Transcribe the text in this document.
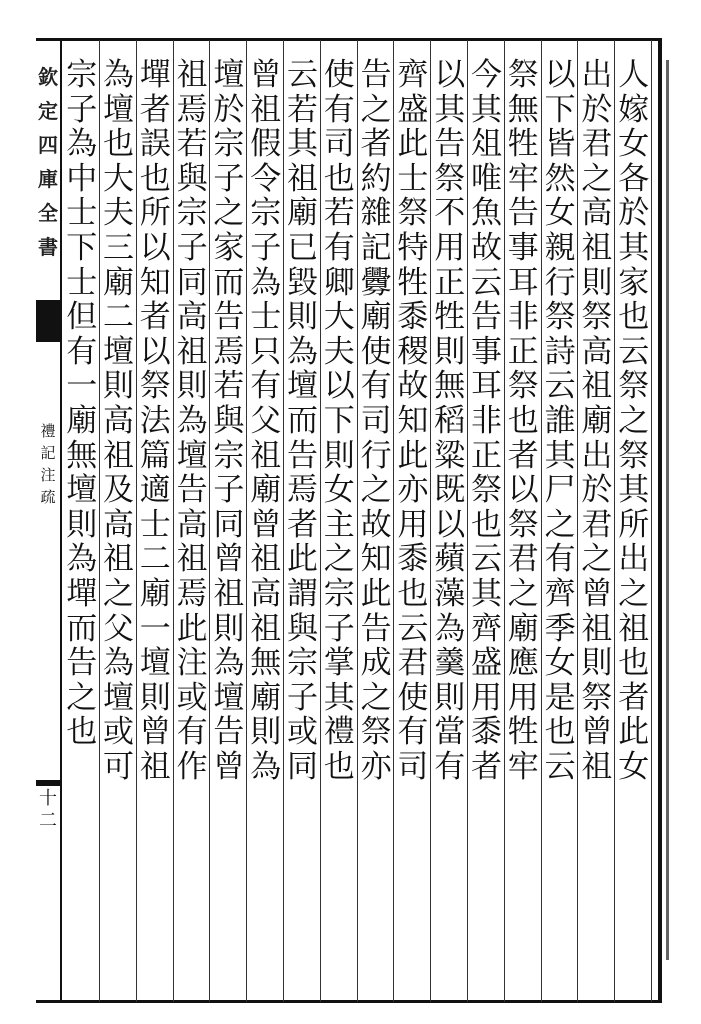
欽定四庫全書
禮記注疏
十二
人
嫁
女
各
於
其
家
也
云
祭
之
祭
其
所
出
之
祖
也
者
此
女
出
於
君
之
高
祖
則
祭
高
祖
廟
出
於
君
之
曾
祖
則
祭
曾
祖
以
下
皆
然
女
親
行
祭
詩
云
誰
其
尸
之
有
齊
季
女
是
也
云
祭
無
牲
牢
告
事
耳
非
正
祭
也
者
以
祭
君
之
廟
應
用
牲
牢
今
其
俎
唯
魚
故
云
告
事
耳
非
正
祭
也
云
其
齊
盛
用
黍
者
以
其
告
祭
不
用
正
牲
則
無
稻
粱
既
以
蘋
藻
為
羹
則
當
有
齊
盛
此
士
祭
特
牲
黍
稷
故
知
此
亦
用
黍
也
云
君
使
有
司
告
之
者
約
雜
記
釁
廟
使
有
司
行
之
故
知
此
告
成
之
祭
亦
使
有
司
也
若
有
卿
大
夫
以
下
則
女
主
之
宗
子
掌
其
禮
也
云
若
其
祖
廟
已
毀
則
為
壇
而
告
焉
者
此
謂
與
宗
子
或
同
曾
祖
假
令
宗
子
為
士
只
有
父
祖
廟
曾
祖
高
祖
無
廟
則
為
壇
於
宗
子
之
家
而
告
焉
若
與
宗
子
同
曾
祖
則
為
壇
告
曾
祖
焉
若
與
宗
子
同
高
祖
則
為
壇
告
高
祖
焉
此
注
或
有
作
墠
者
誤
也
所
以
知
者
以
祭
法
篇
適
士
二
廟
一
壇
則
曾
祖
為
壇
也
大
夫
三
廟
二
壇
則
高
祖
及
高
祖
之
父
為
壇
或
可
宗
子
為
中
士
下
士
但
有
一
廟
無
壇
則
為
墠
而
告
之
也
